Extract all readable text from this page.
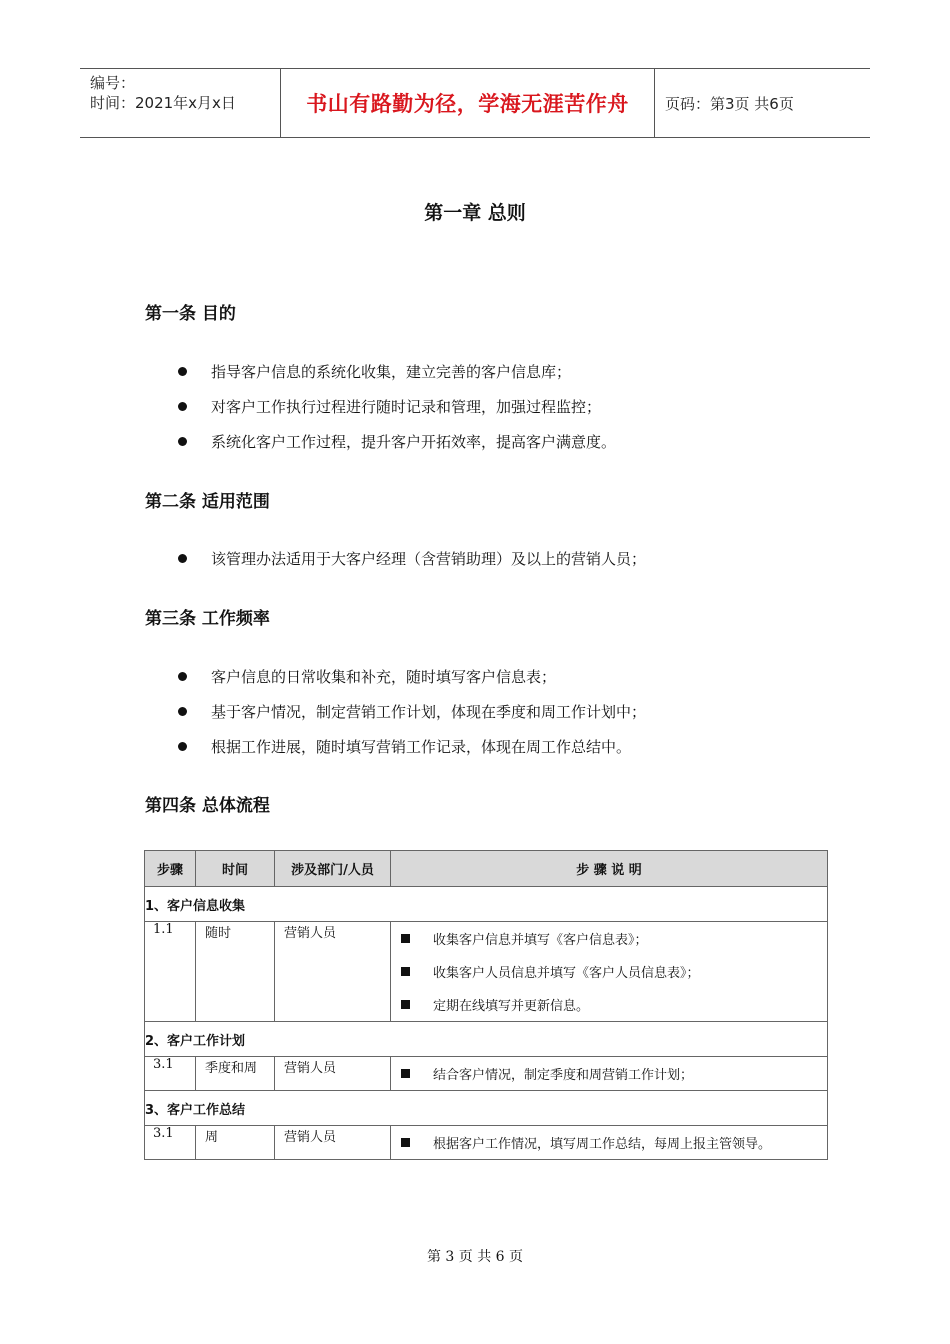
编号：
时间：2021年x月x日	书山有路勤为径，学海无涯苦作舟	页码：第3页 共6页
第一章 总则
第一条 目的
指导客户信息的系统化收集，建立完善的客户信息库；
对客户工作执行过程进行随时记录和管理，加强过程监控；
系统化客户工作过程，提升客户开拓效率，提高客户满意度。
第二条 适用范围
该管理办法适用于大客户经理（含营销助理）及以上的营销人员；
第三条 工作频率
客户信息的日常收集和补充，随时填写客户信息表；
基于客户情况，制定营销工作计划，体现在季度和周工作计划中；
根据工作进展，随时填写营销工作记录，体现在周工作总结中。
第四条 总体流程
步骤	时间	涉及部门/人员	步 骤 说 明
1、客户信息收集			
1.1	随时	营销人员	收集客户信息并填写《客户信息表》；
收集客户人员信息并填写《客户人员信息表》；
定期在线填写并更新信息。

2、客户工作计划			
3.1	季度和周	营销人员	结合客户情况，制定季度和周营销工作计划；

3、客户工作总结			
3.1	周	营销人员	根据客户工作情况，填写周工作总结，每周上报主管领导。
第 3 页 共 6 页
